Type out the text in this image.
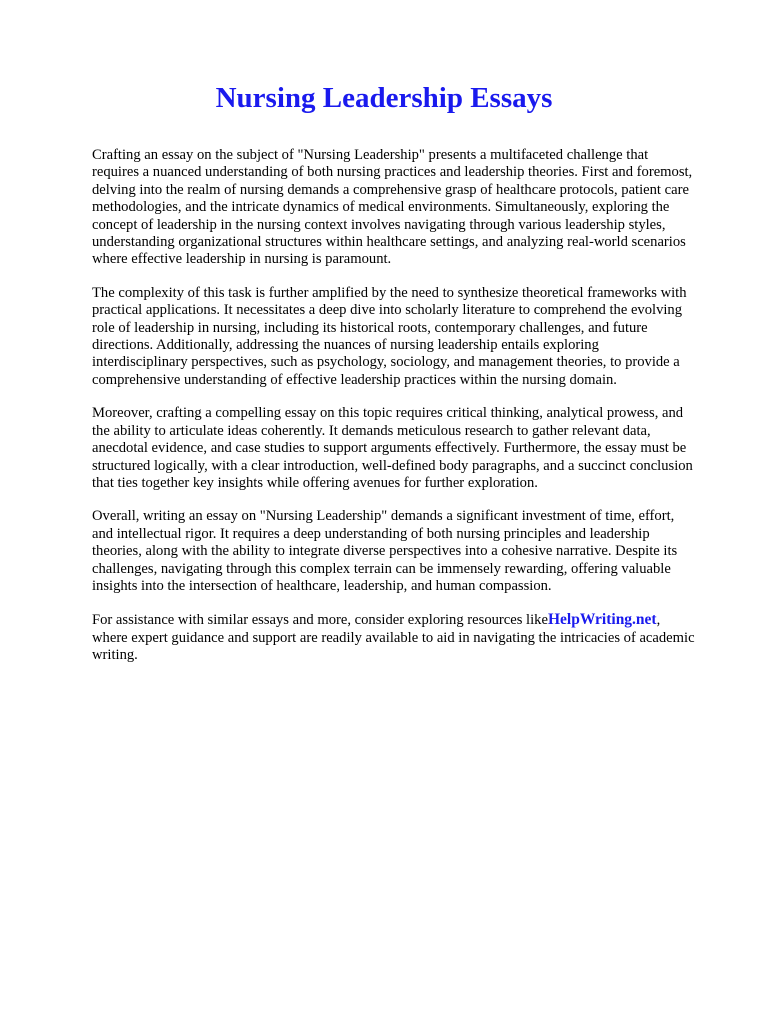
Nursing Leadership Essays

Crafting an essay on the subject of "Nursing Leadership" presents a multifaceted challenge that requires a nuanced understanding of both nursing practices and leadership theories. First and foremost, delving into the realm of nursing demands a comprehensive grasp of healthcare protocols, patient care methodologies, and the intricate dynamics of medical environments. Simultaneously, exploring the concept of leadership in the nursing context involves navigating through various leadership styles, understanding organizational structures within healthcare settings, and analyzing real-world scenarios where effective leadership in nursing is paramount.

The complexity of this task is further amplified by the need to synthesize theoretical frameworks with practical applications. It necessitates a deep dive into scholarly literature to comprehend the evolving role of leadership in nursing, including its historical roots, contemporary challenges, and future directions. Additionally, addressing the nuances of nursing leadership entails exploring interdisciplinary perspectives, such as psychology, sociology, and management theories, to provide a comprehensive understanding of effective leadership practices within the nursing domain.

Moreover, crafting a compelling essay on this topic requires critical thinking, analytical prowess, and the ability to articulate ideas coherently. It demands meticulous research to gather relevant data, anecdotal evidence, and case studies to support arguments effectively. Furthermore, the essay must be structured logically, with a clear introduction, well-defined body paragraphs, and a succinct conclusion that ties together key insights while offering avenues for further exploration.

Overall, writing an essay on "Nursing Leadership" demands a significant investment of time, effort, and intellectual rigor. It requires a deep understanding of both nursing principles and leadership theories, along with the ability to integrate diverse perspectives into a cohesive narrative. Despite its challenges, navigating through this complex terrain can be immensely rewarding, offering valuable insights into the intersection of healthcare, leadership, and human compassion.

For assistance with similar essays and more, consider exploring resources likeHelpWriting.net, where expert guidance and support are readily available to aid in navigating the intricacies of academic writing.
